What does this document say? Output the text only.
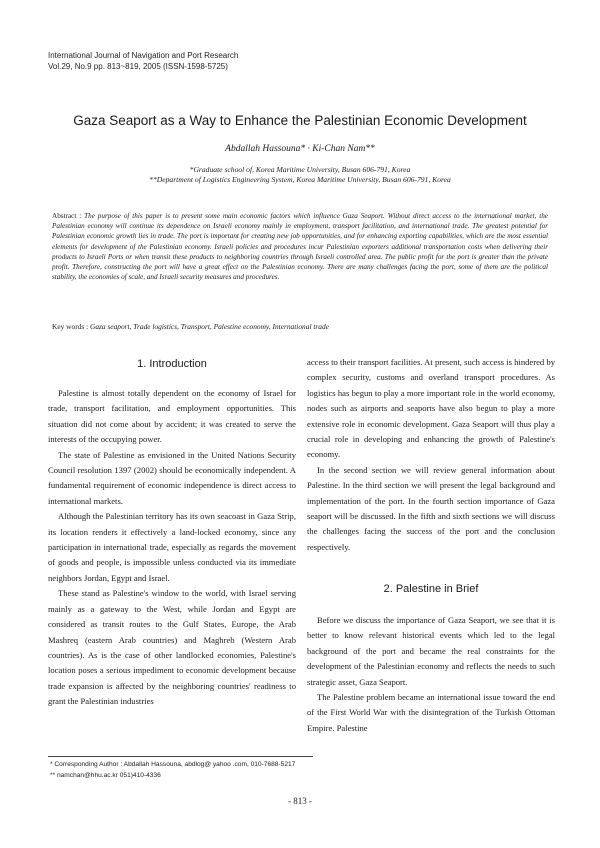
International Journal of Navigation and Port Research
Vol.29, No.9 pp. 813~819, 2005 (ISSN-1598-5725)
Gaza Seaport as a Way to Enhance the Palestinian Economic Development
Abdallah Hassouna* · Ki-Chan Nam**
*Graduate school of, Korea Maritime University, Busan 606-791, Korea
**Department of Logistics Engineering System, Korea Maritime University, Busan 606-791, Korea
Abstract : The purpose of this paper is to present some main economic factors which influence Gaza Seaport. Without direct access to the international market, the Palestinian economy will continue its dependence on Israeli economy mainly in employment, transport facilitation, and international trade. The greatest potential for Palestinian economic growth lies in trade. The port is important for creating new job opportunities, and for enhancing exporting capabilities, which are the most essential elements for development of the Palestinian economy. Israeli policies and procedures incur Palestinian exporters additional transportation costs when delivering their products to Israeli Ports or when transit these products to neighboring countries through Israeli controlled area. The public profit for the port is greater than the private profit. Therefore, constructing the port will have a great effect on the Palestinian economy. There are many challenges facing the port, some of them are the political stability, the economies of scale, and Israeli security measures and procedures.
Key words : Gaza seaport, Trade logistics, Transport, Palestine economy, International trade
1. Introduction

Palestine is almost totally dependent on the economy of Israel for trade, transport facilitation, and employment opportunities. This situation did not come about by accident; it was created to serve the interests of the occupying power.

The state of Palestine as envisioned in the United Nations Security Council resolution 1397 (2002) should be economically independent. A fundamental requirement of economic independence is direct access to international markets.

Although the Palestinian territory has its own seacoast in Gaza Strip, its location renders it effectively a land-locked economy, since any participation in international trade, especially as regards the movement of goods and people, is impossible unless conducted via its immediate neighbors Jordan, Egypt and Israel.

These stand as Palestine's window to the world, with Israel serving mainly as a gateway to the West, while Jordan and Egypt are considered as transit routes to the Gulf States, Europe, the Arab Mashreq (eastern Arab countries) and Maghreb (Western Arab countries). As is the case of other landlocked economies, Palestine's location poses a serious impediment to economic development because trade expansion is affected by the neighboring countries' readiness to grant the Palestinian industries

access to their transport facilities. At present, such access is hindered by complex security, customs and overland transport procedures. As logistics has begun to play a more important role in the world economy, nodes such as airports and seaports have also begun to play a more extensive role in economic development. Gaza Seaport will thus play a crucial role in developing and enhancing the growth of Palestine's economy.

In the second section we will review general information about Palestine. In the third section we will present the legal background and implementation of the port. In the fourth section importance of Gaza seaport will be discussed. In the fifth and sixth sections we will discuss the challenges facing the success of the port and the conclusion respectively.

2. Palestine in Brief

Before we discuss the importance of Gaza Seaport, we see that it is better to know relevant historical events which led to the legal background of the port and became the real constraints for the development of the Palestinian economy and reflects the needs to such strategic asset, Gaza Seaport.

The Palestine problem became an international issue toward the end of the First World War with the disintegration of the Turkish Ottoman Empire. Palestine

* Corresponding Author : Abdallah Hassouna, abdlog@ yahoo .com, 010-7688-5217
** namchan@hhu.ac.kr 051)410-4336
- 813 -
